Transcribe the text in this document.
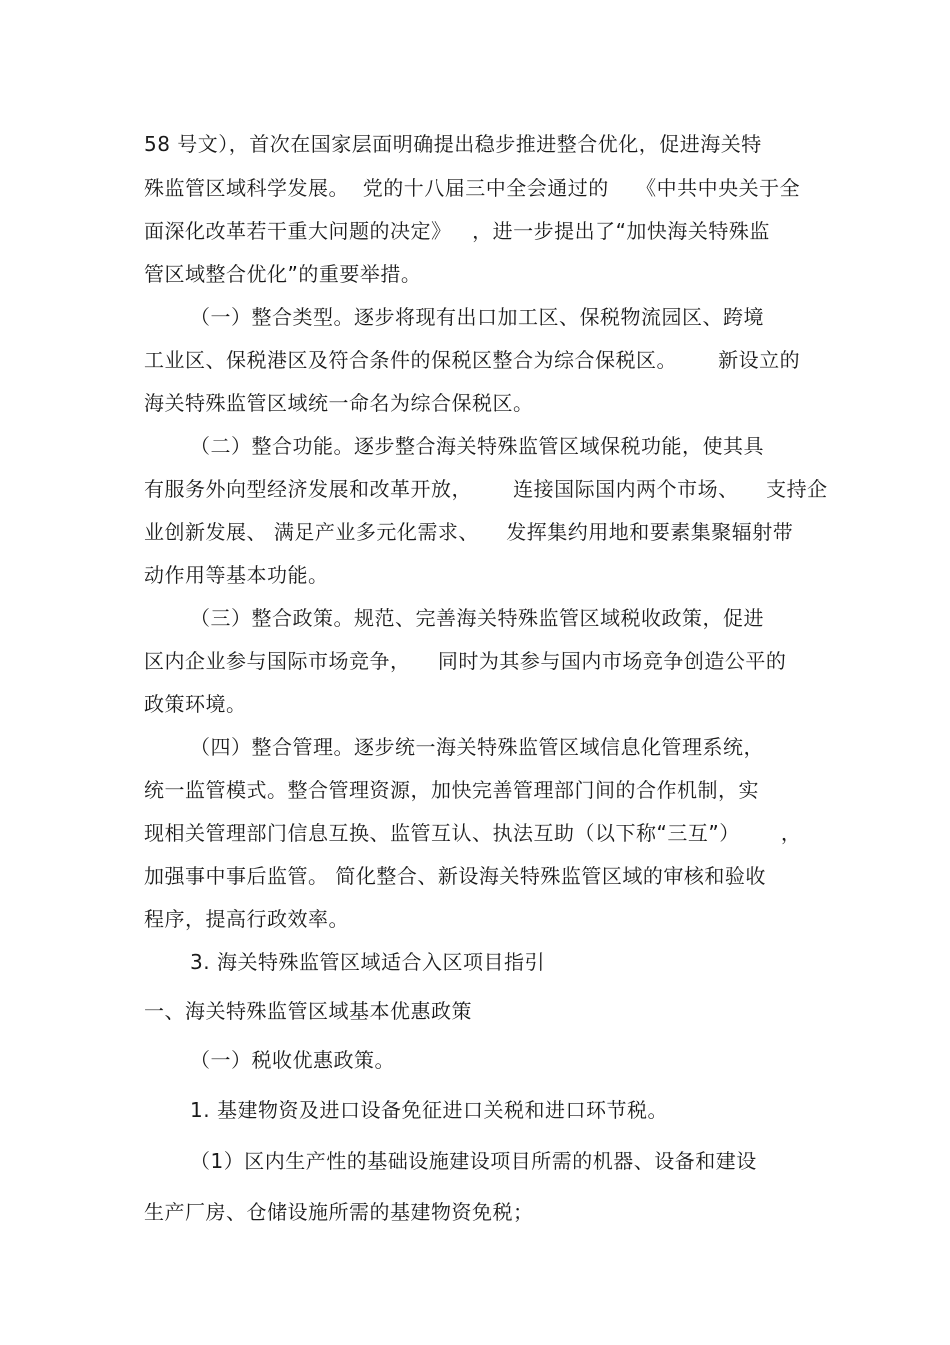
58 号文），首次在国家层面明确提出稳步推进整合优化，促进海关特
殊监管区域科学发展。  党的十八届三中全会通过的    《中共中央关于全
面深化改革若干重大问题的决定》   ，进一步提出了“加快海关特殊监
管区域整合优化”的重要举措。
（一）整合类型。逐步将现有出口加工区、保税物流园区、跨境
工业区、保税港区及符合条件的保税区整合为综合保税区。      新设立的
海关特殊监管区域统一命名为综合保税区。
（二）整合功能。逐步整合海关特殊监管区域保税功能，使其具
有服务外向型经济发展和改革开放，      连接国际国内两个市场、    支持企
业创新发展、 满足产业多元化需求、    发挥集约用地和要素集聚辐射带
动作用等基本功能。
（三）整合政策。规范、完善海关特殊监管区域税收政策，促进
区内企业参与国际市场竞争，    同时为其参与国内市场竞争创造公平的
政策环境。
（四）整合管理。逐步统一海关特殊监管区域信息化管理系统，
统一监管模式。整合管理资源，加快完善管理部门间的合作机制，实
现相关管理部门信息互换、监管互认、执法互助（以下称“三互”）      ，
加强事中事后监管。 简化整合、新设海关特殊监管区域的审核和验收
程序，提高行政效率。
3. 海关特殊监管区域适合入区项目指引
一、海关特殊监管区域基本优惠政策
（一）税收优惠政策。
1. 基建物资及进口设备免征进口关税和进口环节税。
（1）区内生产性的基础设施建设项目所需的机器、设备和建设
生产厂房、仓储设施所需的基建物资免税；
